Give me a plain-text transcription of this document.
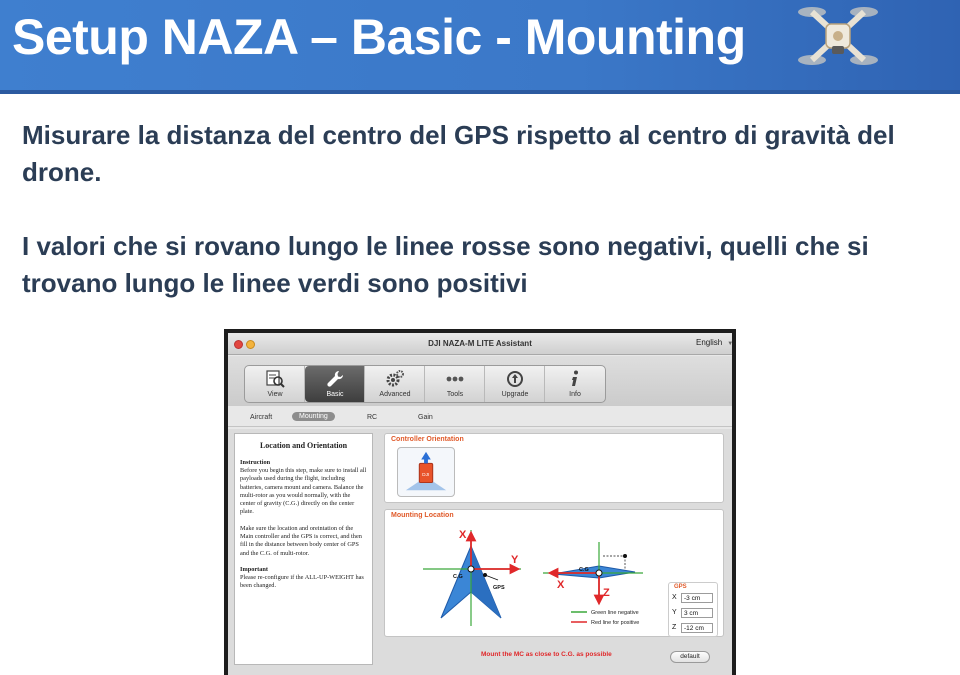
Setup NAZA – Basic - Mounting
Misurare la distanza del centro del GPS rispetto al centro di gravità del drone.
I valori che si rovano lungo le linee rosse sono negativi, quelli che si trovano lungo le linee verdi sono positivi
DJI NAZA-M LITE Assistant	English ▼
View	Basic	Advanced	Tools	Upgrade	Info
Aircraft	Mounting	RC	Gain
Location and Orientation
Instruction
Before you begin this step, make sure to install all payloads used during the flight, including batteries, camera mount and camera. Balance the multi-rotor as you would normally, with the center of gravity (C.G.) directly on the center plate.
Make sure the location and oreintation of the Main controller and the GPS is correct, and then fill in the distance between body center of GPS and the C.G. of multi-rotor.
Important
Please re-configure if the ALL-UP-WEIGHT has been changed.
Controller Orientation
DJI
Mounting Location
X
Y
C.G
GPS	X
Z
C.G
Green line negative
Red line for positive
GPS
X	-3 cm
Y	3 cm
Z	-12 cm
Mount the MC as close to C.G. as possible	default
